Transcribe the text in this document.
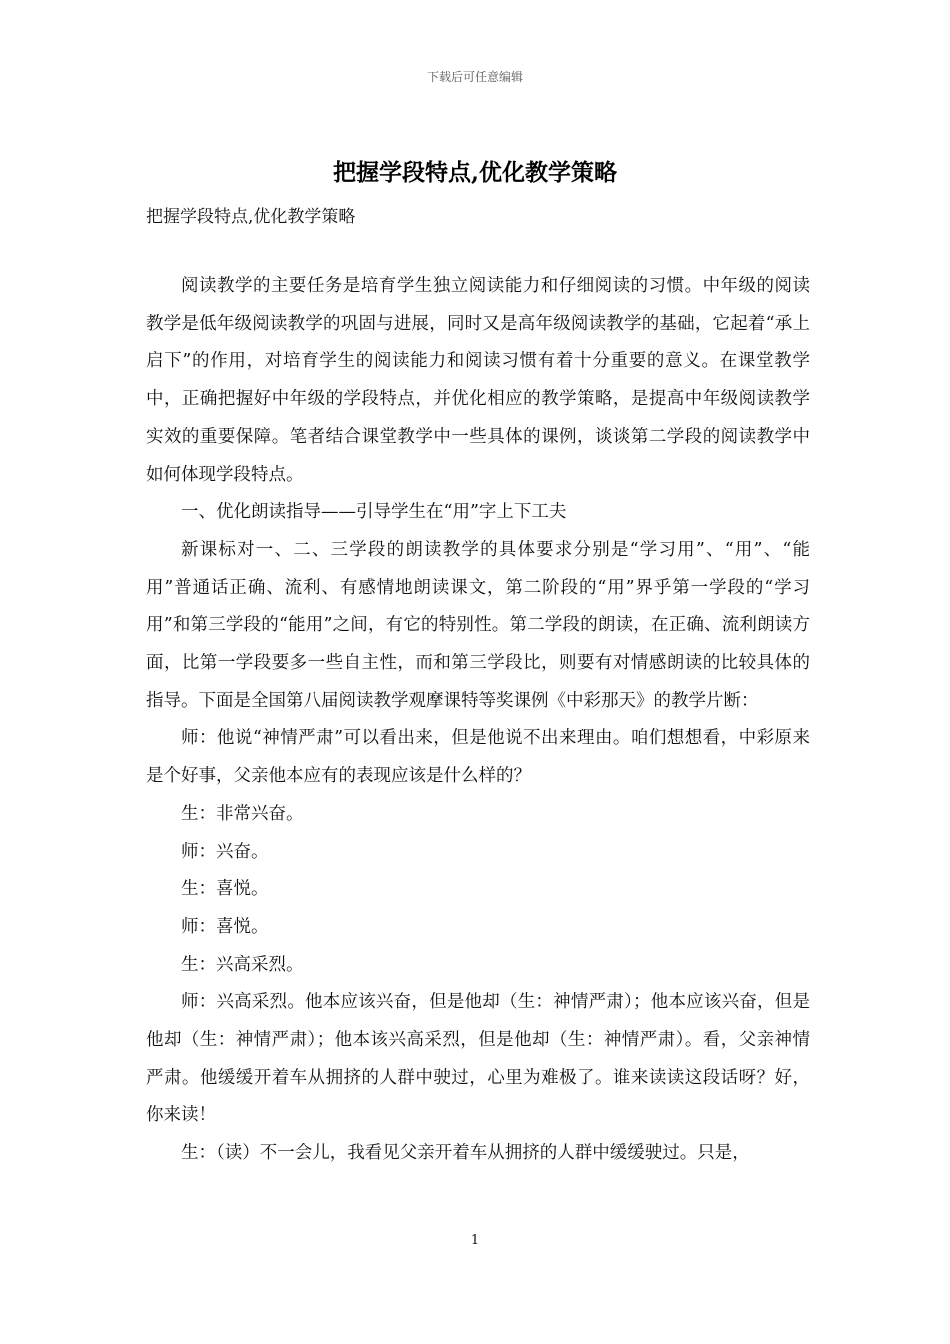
下载后可任意编辑
把握学段特点,优化教学策略
把握学段特点,优化教学策略

阅读教学的主要任务是培育学生独立阅读能力和仔细阅读的习惯。中年级的阅读教学是低年级阅读教学的巩固与进展，同时又是高年级阅读教学的基础，它起着“承上启下”的作用，对培育学生的阅读能力和阅读习惯有着十分重要的意义。在课堂教学中，正确把握好中年级的学段特点，并优化相应的教学策略，是提高中年级阅读教学实效的重要保障。笔者结合课堂教学中一些具体的课例，谈谈第二学段的阅读教学中如何体现学段特点。

一、优化朗读指导——引导学生在“用”字上下工夫

新课标对一、二、三学段的朗读教学的具体要求分别是“学习用”、“用”、“能用”普通话正确、流利、有感情地朗读课文，第二阶段的“用”界乎第一学段的“学习用”和第三学段的“能用”之间，有它的特别性。第二学段的朗读，在正确、流利朗读方面，比第一学段要多一些自主性，而和第三学段比，则要有对情感朗读的比较具体的指导。下面是全国第八届阅读教学观摩课特等奖课例《中彩那天》的教学片断：

师：他说“神情严肃”可以看出来，但是他说不出来理由。咱们想想看，中彩原来是个好事，父亲他本应有的表现应该是什么样的？

生：非常兴奋。

师：兴奋。

生：喜悦。

师：喜悦。

生：兴高采烈。

师：兴高采烈。他本应该兴奋，但是他却（生：神情严肃）；他本应该兴奋，但是他却（生：神情严肃）；他本该兴高采烈，但是他却（生：神情严肃）。看，父亲神情严肃。他缓缓开着车从拥挤的人群中驶过，心里为难极了。谁来读读这段话呀？好，你来读！

生：（读）不一会儿，我看见父亲开着车从拥挤的人群中缓缓驶过。只是，

1
